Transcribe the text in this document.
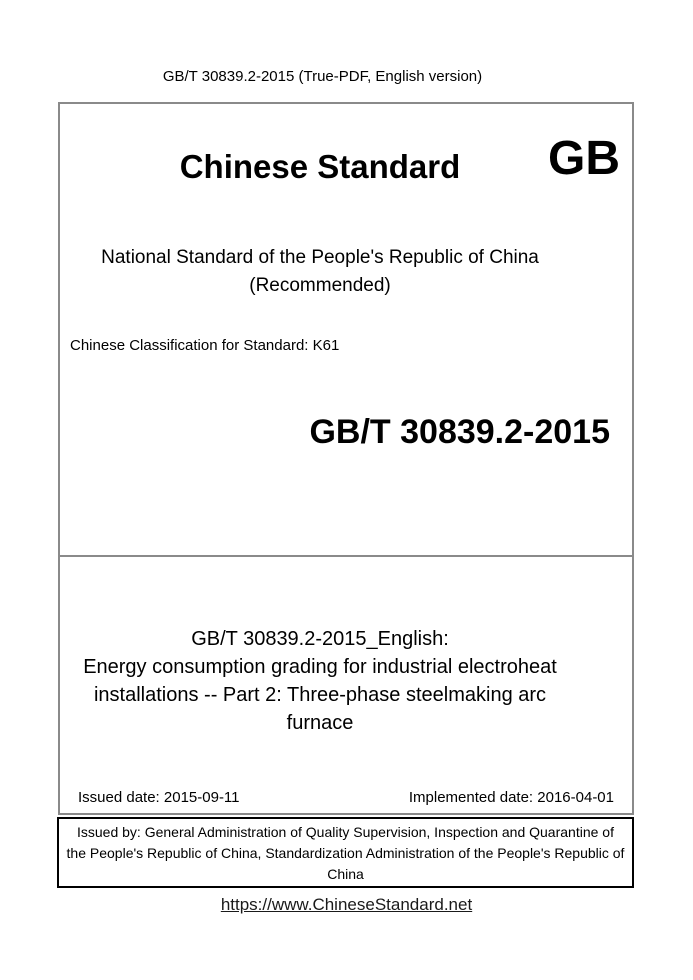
GB/T 30839.2-2015 (True-PDF, English version)
Chinese Standard	GB
National Standard of the People's Republic of China
(Recommended)
Chinese Classification for Standard: K61
GB/T 30839.2-2015
GB/T 30839.2-2015_English:
Energy consumption grading for industrial electroheat
installations -- Part 2: Three-phase steelmaking arc furnace
Issued date: 2015-09-11	Implemented date: 2016-04-01
Issued by: General Administration of Quality Supervision, Inspection and Quarantine of
the People's Republic of China, Standardization Administration of the People's Republic of
China
https://www.ChineseStandard.net
